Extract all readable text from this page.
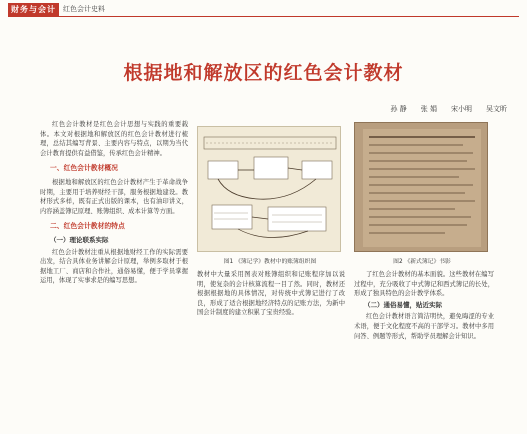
财务与会计	红色会计史料
根据地和解放区的红色会计教材
孙 静 张 娟 宋小明 吴文昕

红色会计教材是红色会计思想与实践的重要载体。本文对根据地和解放区的红色会计教材进行梳理，总结其编写背景、主要内容与特点，以期为当代会计教育提供有益借鉴，传承红色会计精神。

一、红色会计教材概况

根据地和解放区的红色会计教材产生于革命战争时期，主要用于培养财经干部，服务根据地建设。教材形式多样，既有正式出版的课本，也有油印讲义，内容涵盖簿记原理、账簿组织、成本计算等方面。

二、红色会计教材的特点
（一）理论联系实际

红色会计教材注重从根据地财经工作的实际需要出发，结合具体业务讲解会计原理，举例多取材于根据地工厂、商店和合作社，通俗易懂，便于学员掌握运用，体现了实事求是的编写思想。

图1 《簿记学》教材中的账簿组织图	图2 《新式簿记》书影

教材中大量采用图表对账簿组织和记账程序加以说明，使复杂的会计核算流程一目了然。同时，教材还根据根据地的具体情况，对传统中式簿记进行了改良，形成了适合根据地经济特点的记账方法，为新中国会计制度的建立积累了宝贵经验。

了红色会计教材的基本面貌。这些教材在编写过程中，充分吸收了中式簿记和西式簿记的长处，形成了独具特色的会计教学体系。

（二）通俗易懂，贴近实际

红色会计教材语言简洁明快，避免晦涩的专业术语，便于文化程度不高的干部学习。教材中多用问答、例题等形式，帮助学员理解会计知识。
